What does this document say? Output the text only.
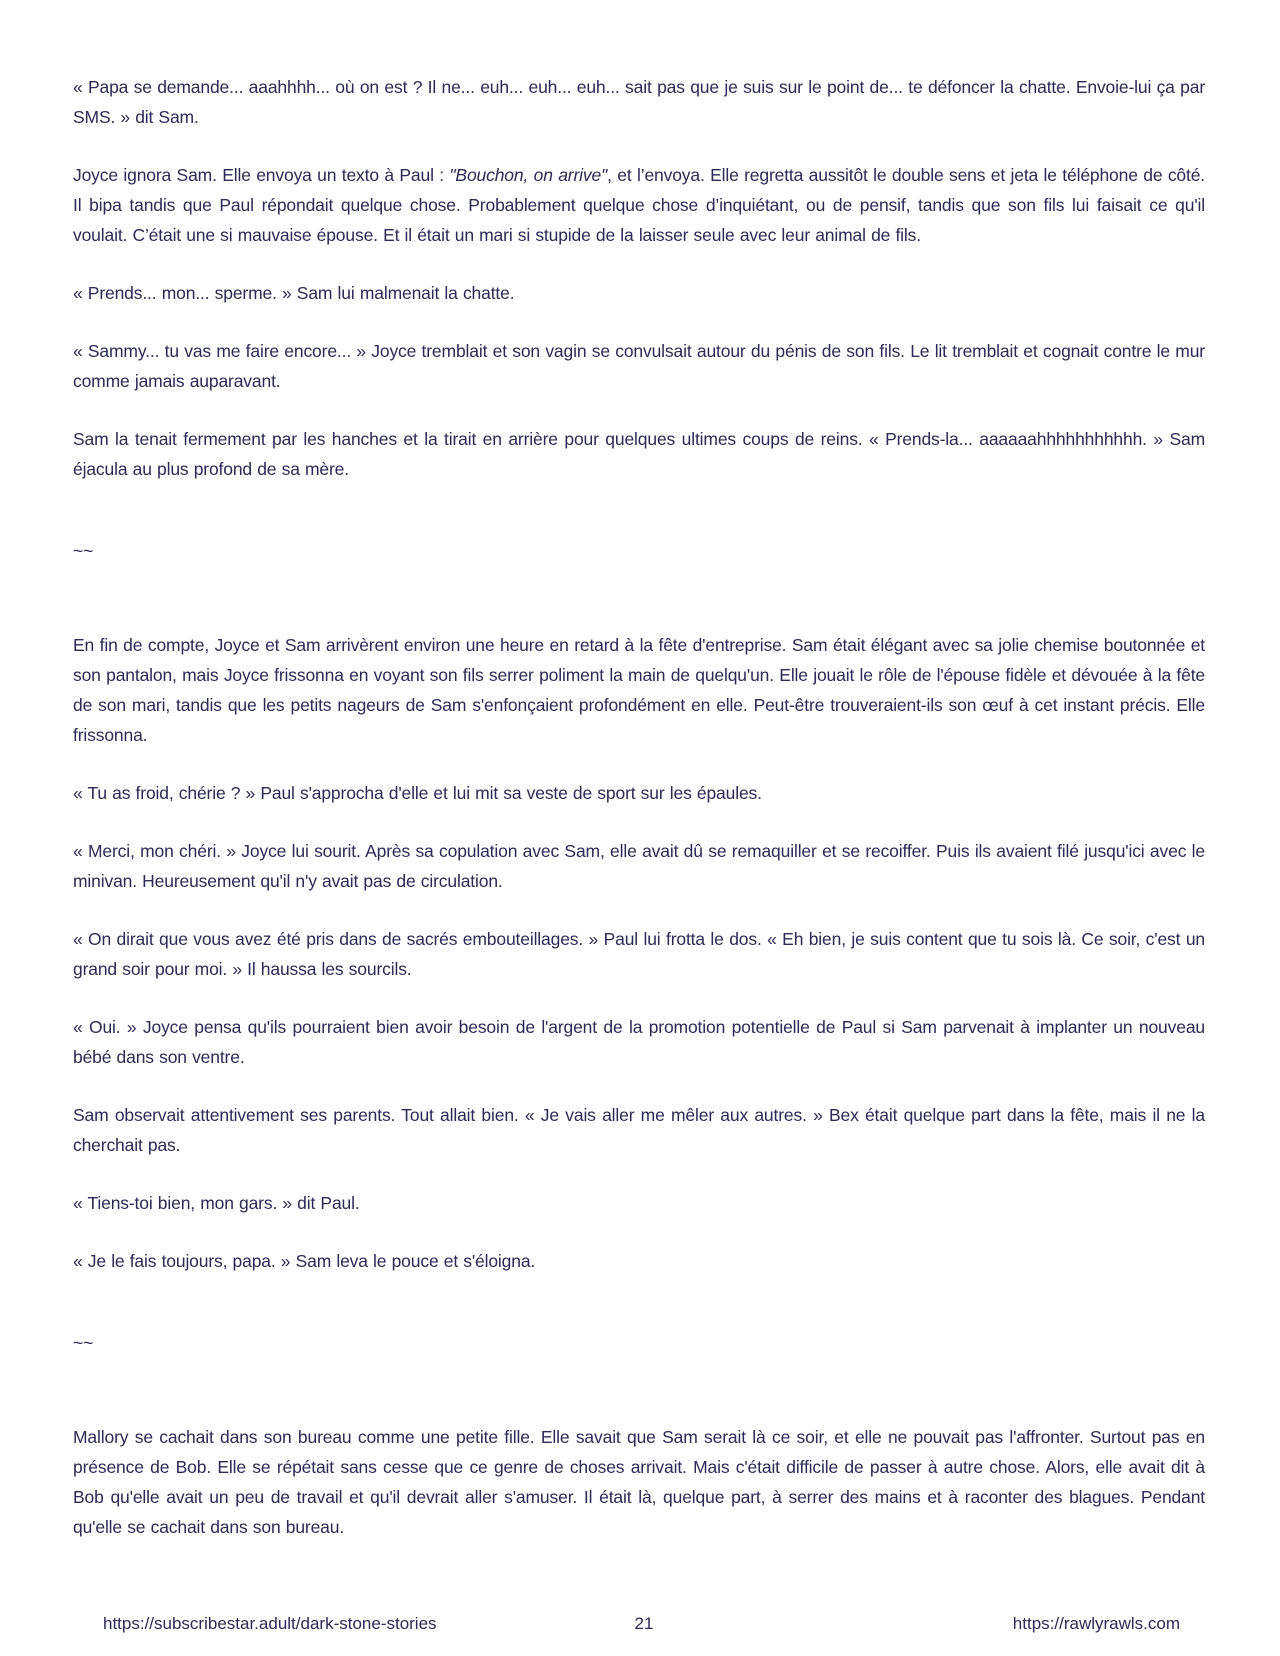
« Papa se demande... aaahhhh... où on est ? Il ne... euh... euh... euh... sait pas que je suis sur le point de... te défoncer la chatte. Envoie-lui ça par SMS. » dit Sam.

Joyce ignora Sam. Elle envoya un texto à Paul : "Bouchon, on arrive", et l’envoya. Elle regretta aussitôt le double sens et jeta le téléphone de côté. Il bipa tandis que Paul répondait quelque chose. Probablement quelque chose d’inquiétant, ou de pensif, tandis que son fils lui faisait ce qu'il voulait. C’était une si mauvaise épouse. Et il était un mari si stupide de la laisser seule avec leur animal de fils.

« Prends... mon... sperme. » Sam lui malmenait la chatte.

« Sammy... tu vas me faire encore... » Joyce tremblait et son vagin se convulsait autour du pénis de son fils. Le lit tremblait et cognait contre le mur comme jamais auparavant.

Sam la tenait fermement par les hanches et la tirait en arrière pour quelques ultimes coups de reins. « Prends-la... aaaaaahhhhhhhhhhh. » Sam éjacula au plus profond de sa mère.

~~

En fin de compte, Joyce et Sam arrivèrent environ une heure en retard à la fête d'entreprise. Sam était élégant avec sa jolie chemise boutonnée et son pantalon, mais Joyce frissonna en voyant son fils serrer poliment la main de quelqu'un. Elle jouait le rôle de l'épouse fidèle et dévouée à la fête de son mari, tandis que les petits nageurs de Sam s'enfonçaient profondément en elle. Peut-être trouveraient-ils son œuf à cet instant précis. Elle frissonna.

« Tu as froid, chérie ? » Paul s'approcha d'elle et lui mit sa veste de sport sur les épaules.

« Merci, mon chéri. » Joyce lui sourit. Après sa copulation avec Sam, elle avait dû se remaquiller et se recoiffer. Puis ils avaient filé jusqu'ici avec le minivan. Heureusement qu'il n'y avait pas de circulation.

« On dirait que vous avez été pris dans de sacrés embouteillages. » Paul lui frotta le dos. « Eh bien, je suis content que tu sois là. Ce soir, c'est un grand soir pour moi. » Il haussa les sourcils.

« Oui. » Joyce pensa qu'ils pourraient bien avoir besoin de l'argent de la promotion potentielle de Paul si Sam parvenait à implanter un nouveau bébé dans son ventre.

Sam observait attentivement ses parents. Tout allait bien. « Je vais aller me mêler aux autres. » Bex était quelque part dans la fête, mais il ne la cherchait pas.

« Tiens-toi bien, mon gars. » dit Paul.

« Je le fais toujours, papa. » Sam leva le pouce et s'éloigna.

~~

Mallory se cachait dans son bureau comme une petite fille. Elle savait que Sam serait là ce soir, et elle ne pouvait pas l'affronter. Surtout pas en présence de Bob. Elle se répétait sans cesse que ce genre de choses arrivait. Mais c'était difficile de passer à autre chose. Alors, elle avait dit à Bob qu'elle avait un peu de travail et qu'il devrait aller s'amuser. Il était là, quelque part, à serrer des mains et à raconter des blagues. Pendant qu'elle se cachait dans son bureau.

https://subscribestar.adult/dark-stone-stories	21	https://rawlyrawls.com
